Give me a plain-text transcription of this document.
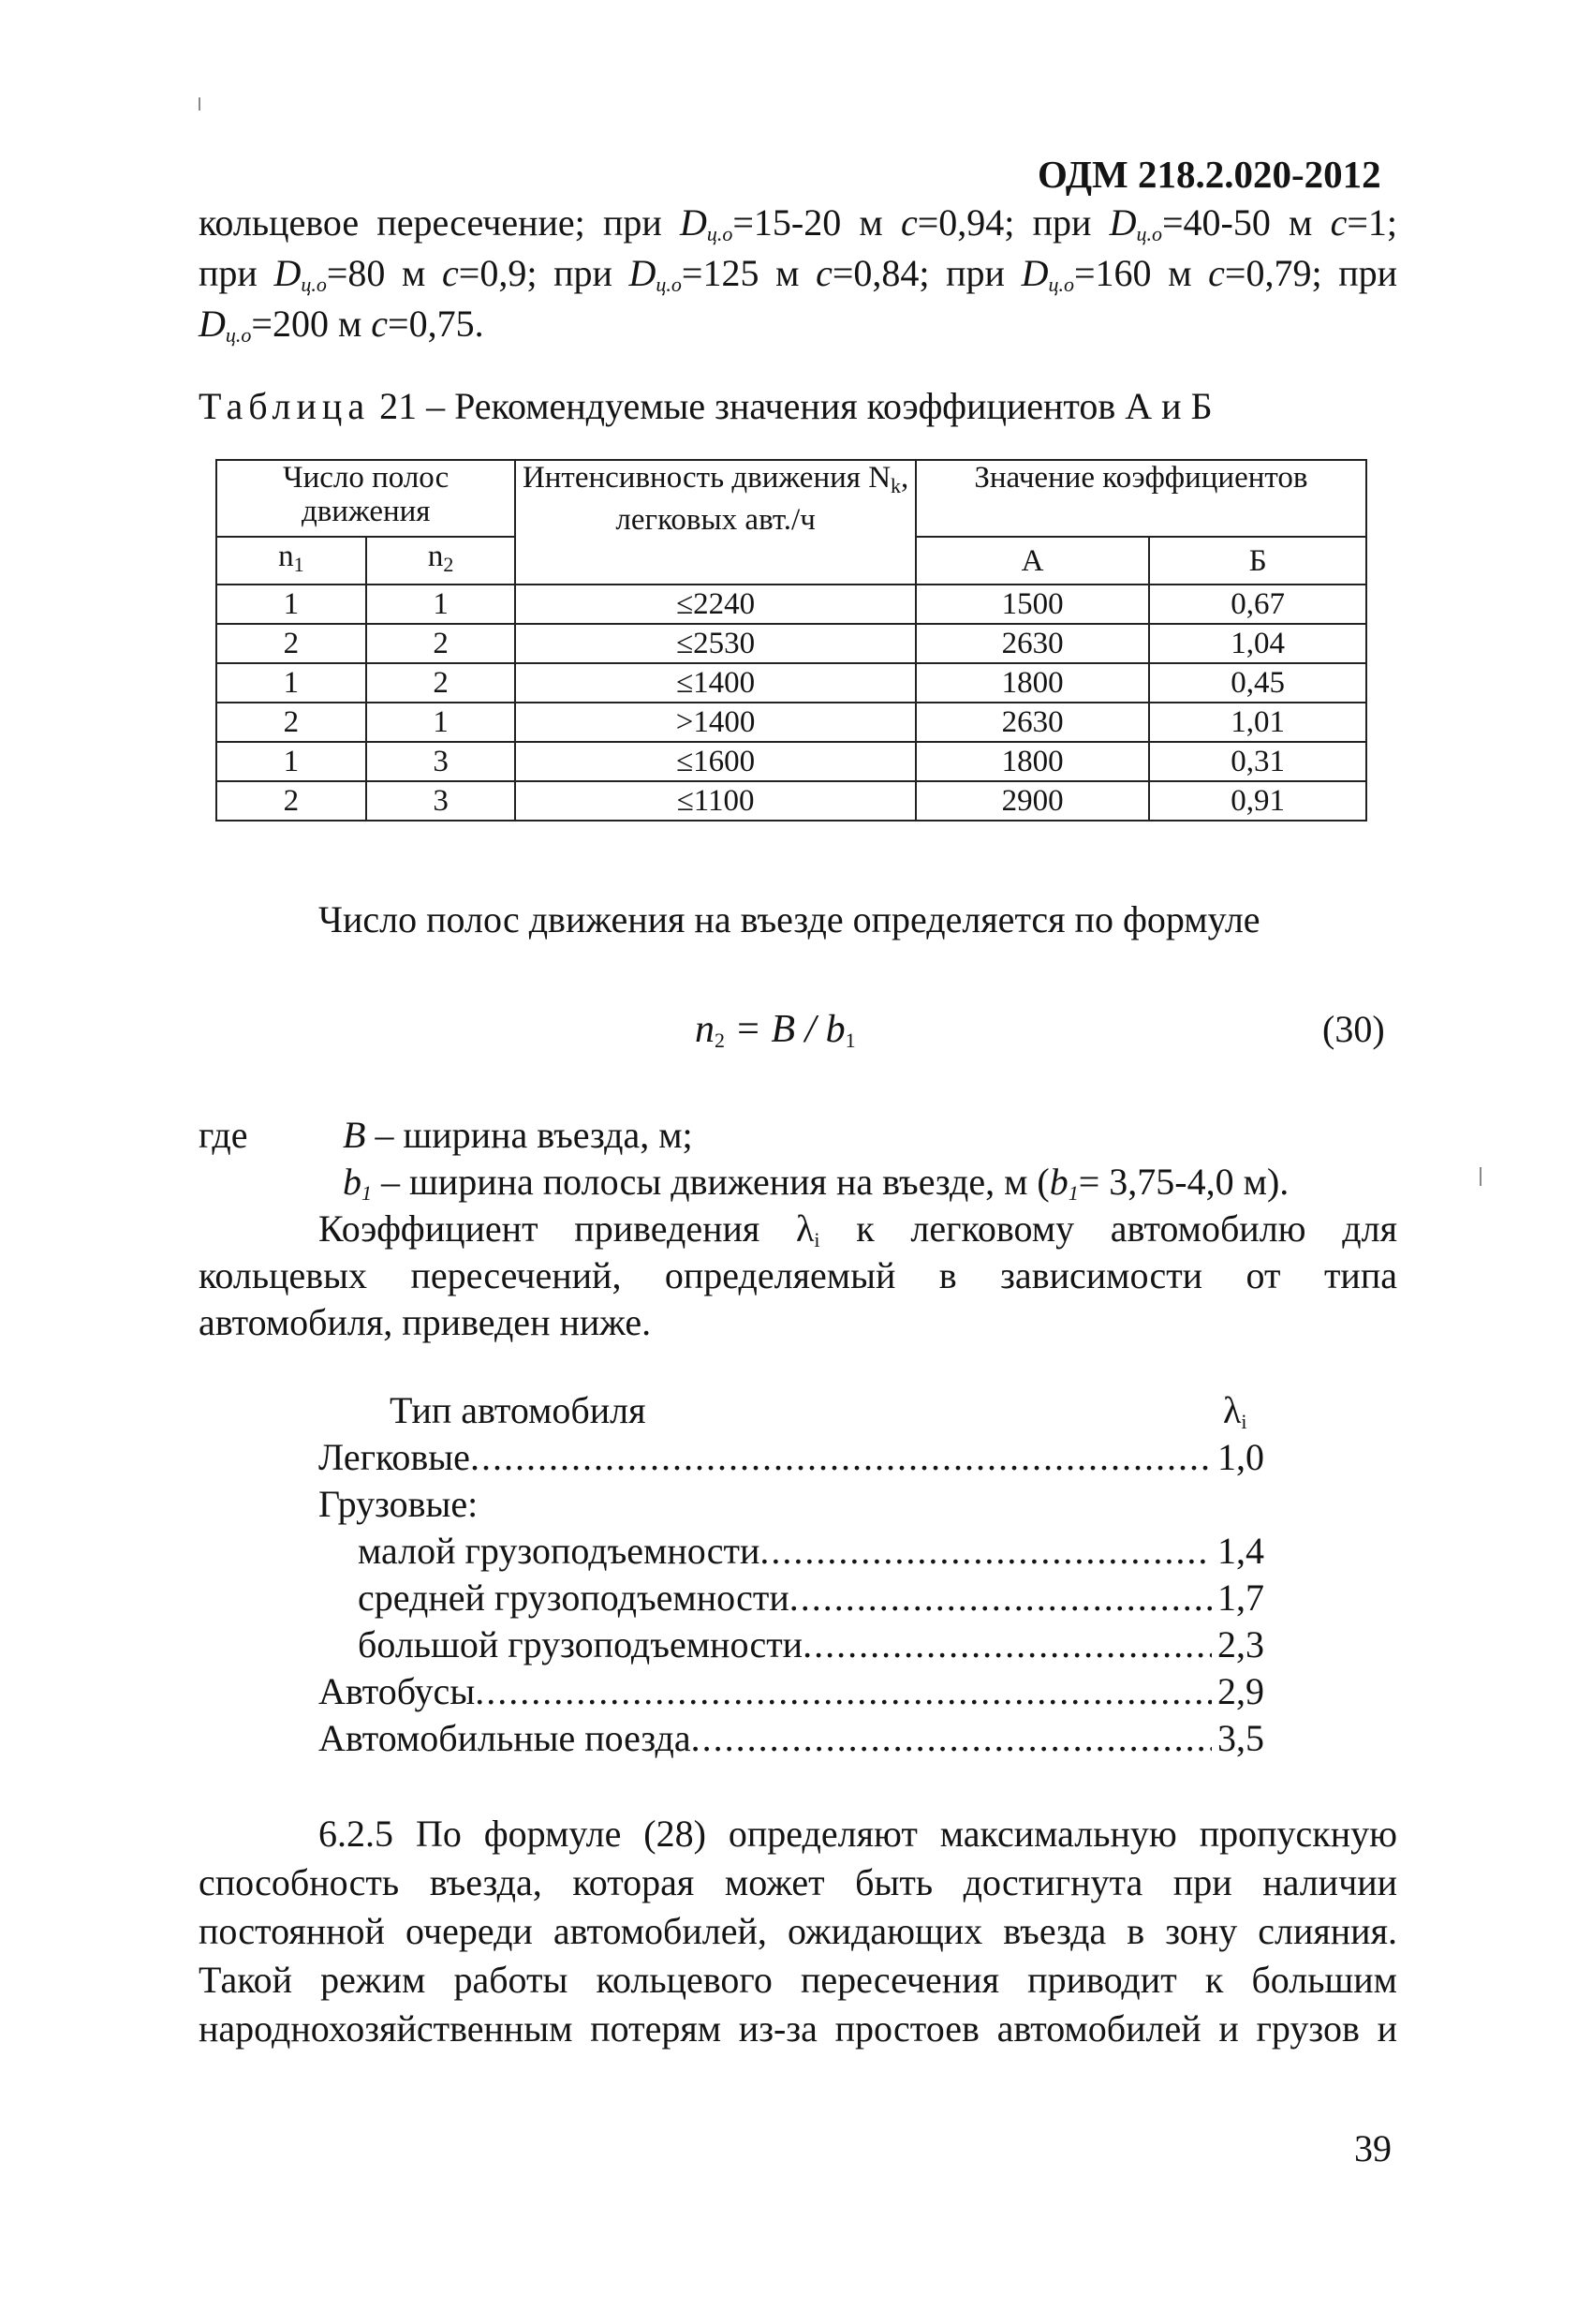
ОДМ 218.2.020-2012
кольцевое пересечение; при $D_{ц.о}=15-20$ м c=0,94; при $D_{ц.о}=40-50$ м c=1;
при $D_{ц.о}=80$ м c=0,9; при $D_{ц.о}=125$ м c=0,84; при $D_{ц.о}=160$ м c=0,79; при
$D_{ц.о}=200$ м c=0,75.
Таблица 21 – Рекомендуемые значения коэффициентов А и Б
Число полос движения		Интенсивность движения $N_k$, легковых авт./ч	Значение коэффициентов	
$n_1$	$n_2$		А	Б
1	1	≤2240	1500	0,67
2	2	≤2530	2630	1,04
1	2	≤1400	1800	0,45
2	1	>1400	2630	1,01
1	3	≤1600	1800	0,31
2	3	≤1100	2900	0,91
Число полос движения на въезде определяется по формуле
$n_2 = B / b_1$	(30)
где	B – ширина въезда, м;
$b_1$ – ширина полосы движения на въезде, м ($b_1= 3,75-4,0$ м).
Коэффициент приведения $\lambda_i$ к легковому автомобилю для
кольцевых пересечений, определяемый в зависимости от типа
автомобиля, приведен ниже.
Тип автомобиля	$\lambda_i$
Легковые .....	1,0
Грузовые:
малой грузоподъемности .....	1,4
средней грузоподъемности .....	1,7
большой грузоподъемности .....	2,3
Автобусы .....	2,9
Автомобильные поезда .....	3,5
6.2.5 По формуле (28) определяют максимальную пропускную
способность въезда, которая может быть достигнута при наличии
постоянной очереди автомобилей, ожидающих въезда в зону слияния.
Такой режим работы кольцевого пересечения приводит к большим
народнохозяйственным потерям из-за простоев автомобилей и грузов и
39
